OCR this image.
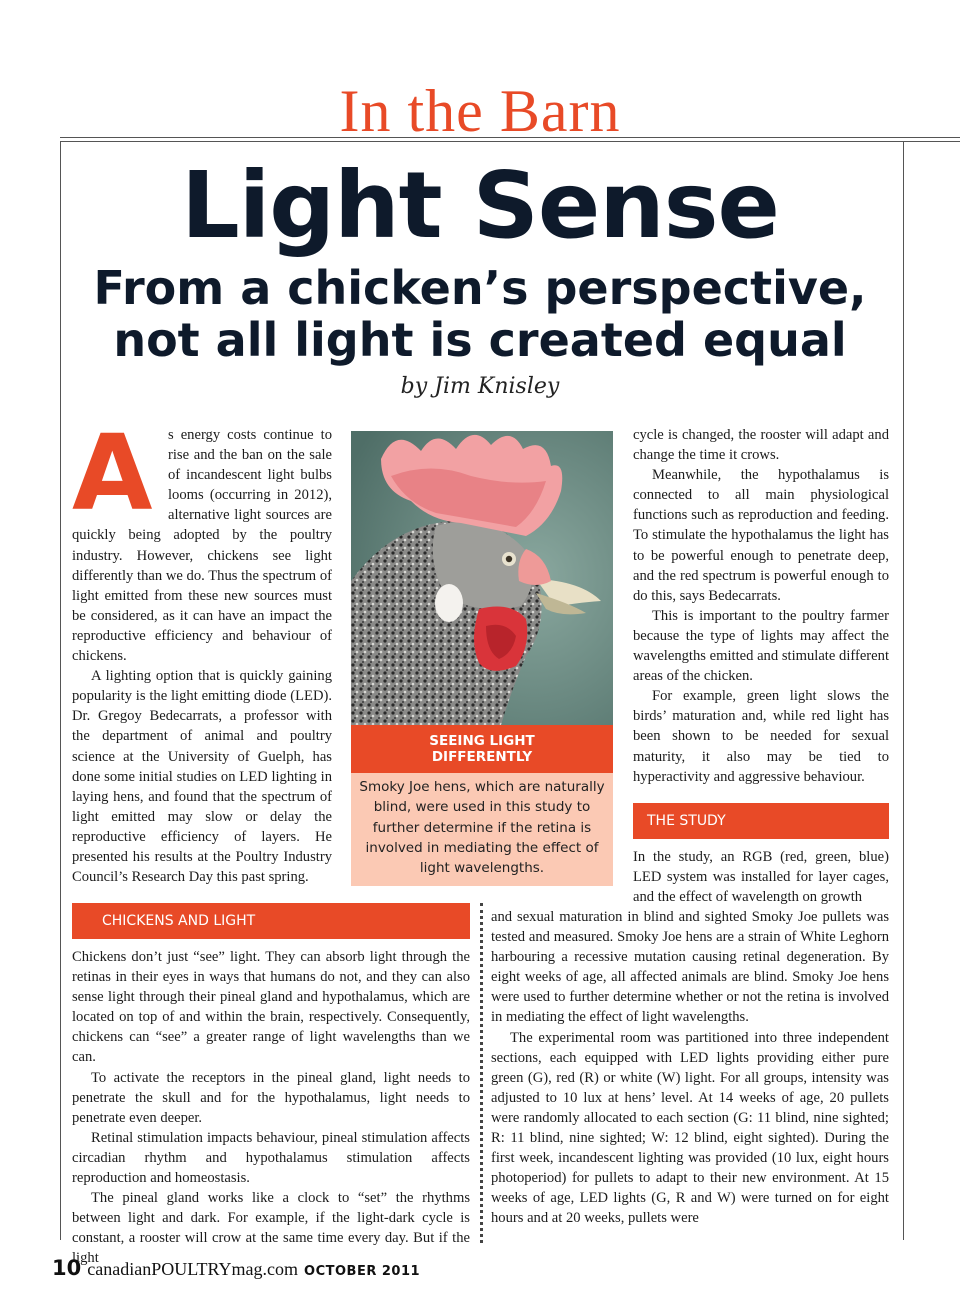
In the Barn
Light Sense
From a chicken’s perspective,
not all light is created equal
by Jim Knisley
A	s energy costs continue to rise and the ban on the sale of incandescent light bulbs looms (occurring in 2012), alternative light sources are quickly being adopted by the poultry industry. However, chickens see light differently than we do. Thus the spectrum of light emitted from these new sources must be considered, as it can have an impact the reproductive efficiency and behaviour of chickens.

A lighting option that is quickly gaining popularity is the light emitting diode (LED). Dr. Gregoy Bedecarrats, a professor with the department of animal and poultry science at the University of Guelph, has done some initial studies on LED lighting in laying hens, and found that the spectrum of light emitted may slow or delay the reproductive efficiency of layers. He presented his results at the Poultry Industry Council’s Research Day this past spring.

SEEING LIGHT
DIFFERENTLY
Smoky Joe hens, which are naturally blind, were used in this study to further determine if the retina is involved in mediating the effect of light wavelengths.

cycle is changed, the rooster will adapt and change the time it crows.

Meanwhile, the hypothalamus is connected to all main physiological functions such as reproduction and feeding. To stimulate the hypothalamus the light has to be powerful enough to penetrate deep, and the red spectrum is powerful enough to do this, says Bedecarrats.

This is important to the poultry farmer because the type of lights may affect the wavelengths emitted and stimulate different areas of the chicken.

For example, green light slows the birds’ maturation and, while red light has been shown to be needed for sexual maturity, it also may be tied to hyperactivity and aggressive behaviour.

THE STUDY

In the study, an RGB (red, green, blue) LED system was installed for layer cages, and the effect of wavelength on growth

CHICKENS AND LIGHT

Chickens don’t just “see” light. They can absorb light through the retinas in their eyes in ways that humans do not, and they can also sense light through their pineal gland and hypothalamus, which are located on top of and within the brain, respectively. Consequently, chickens can “see” a greater range of light wavelengths than we can.

To activate the receptors in the pineal gland, light needs to penetrate the skull and for the hypothalamus, light needs to penetrate even deeper.

Retinal stimulation impacts behaviour, pineal stimulation affects circadian rhythm and hypothalamus stimulation affects reproduction and homeostasis.

The pineal gland works like a clock to “set” the rhythms between light and dark. For example, if the light-dark cycle is constant, a rooster will crow at the same time every day. But if the light

and sexual maturation in blind and sighted Smoky Joe pullets was tested and measured. Smoky Joe hens are a strain of White Leghorn harbouring a recessive mutation causing retinal degeneration. By eight weeks of age, all affected animals are blind. Smoky Joe hens were used to further determine whether or not the retina is involved in mediating the effect of light wavelengths.

The experimental room was partitioned into three independent sections, each equipped with LED lights providing either pure green (G), red (R) or white (W) light. For all groups, intensity was adjusted to 10 lux at hens’ level. At 14 weeks of age, 20 pullets were randomly allocated to each section (G: 11 blind, nine sighted; R: 11 blind, nine sighted; W: 12 blind, eight sighted). During the first week, incandescent lighting was provided (10 lux, eight hours photoperiod) for pullets to adapt to their new environment. At 15 weeks of age, LED lights (G, R and W) were turned on for eight hours and at 20 weeks, pullets were

10 canadianPOULTRYmag.com OCTOBER 2011
